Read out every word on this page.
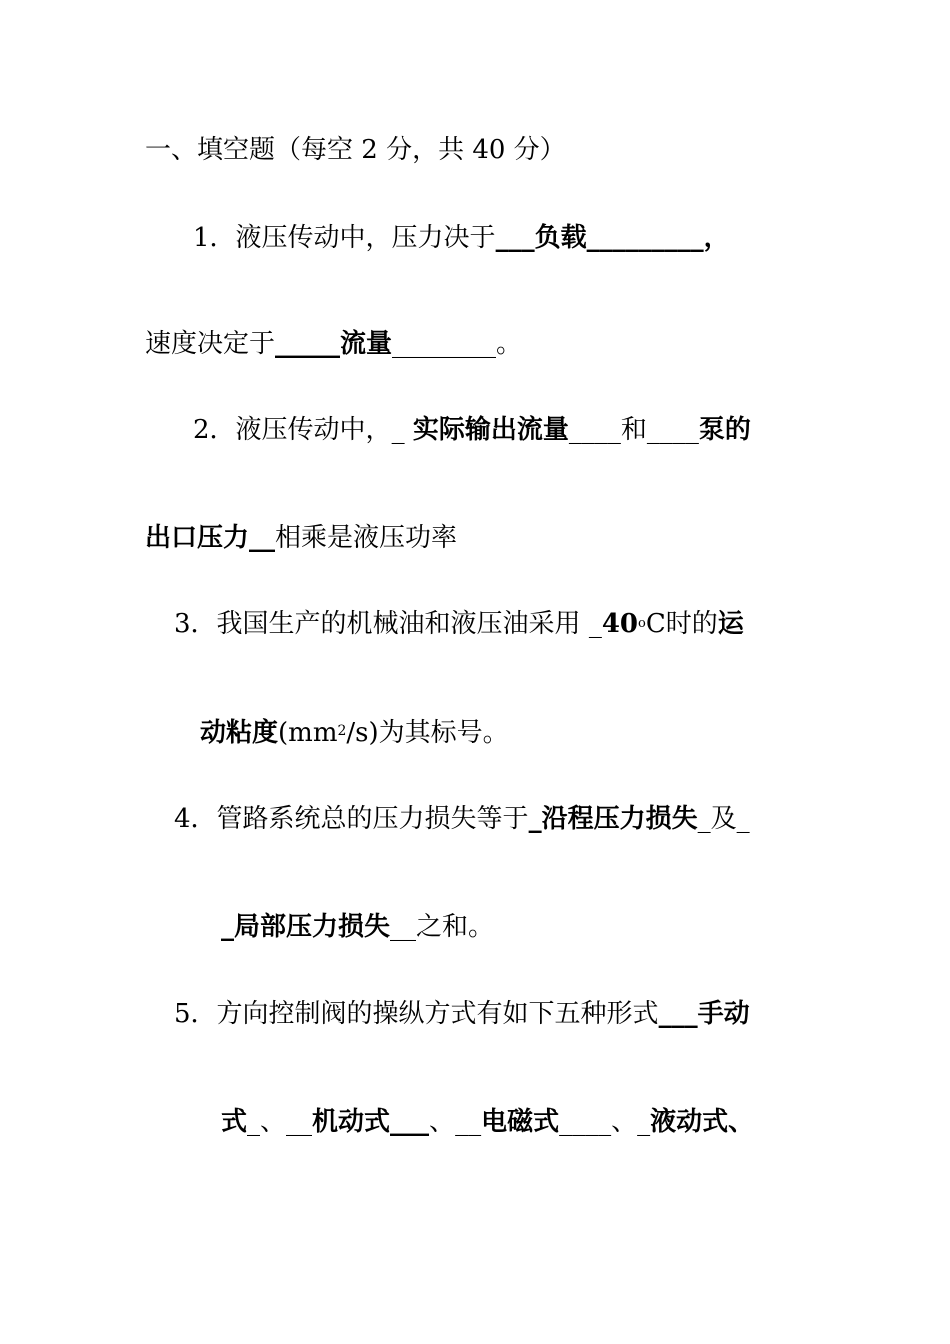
一、填空题（每空 2 分，共 40 分）
1．液压传动中，压力决于___负载_________，
速度决定于_____流量________。
2．液压传动中，_ 实际输出流量____和____泵的
出口压力__相乘是液压功率
3．我国生产的机械油和液压油采用 _40$^o$C时的运
动粘度$(mm^2/s)$为其标号。
4．管路系统总的压力损失等于_沿程压力损失_及_
_局部压力损失__之和。
5．方向控制阀的操纵方式有如下五种形式___手动
式_、__机动式___、__电磁式____、_液动式、
